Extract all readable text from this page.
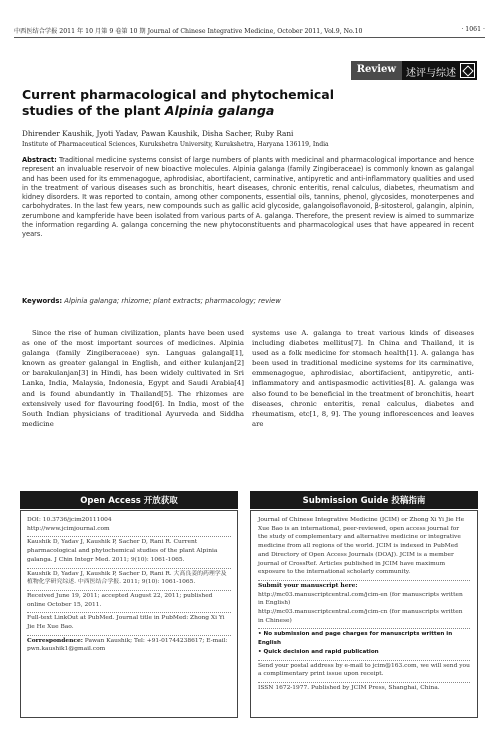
中西医结合学报 2011 年 10 月第 9 卷第 10 期 Journal of Chinese Integrative Medicine, October 2011, Vol.9, No.10	· 1061 ·
Review	述评与综述
Current pharmacological and phytochemical
studies of the plant Alpinia galanga
Dhirender Kaushik, Jyoti Yadav, Pawan Kaushik, Disha Sacher, Ruby Rani
Institute of Pharmaceutical Sciences, Kurukshetra University, Kurukshetra, Haryana 136119, India
Abstract: Traditional medicine systems consist of large numbers of plants with medicinal and pharmacological importance and hence represent an invaluable reservoir of new bioactive molecules. Alpinia galanga (family Zingiberaceae) is commonly known as galangal and has been used for its emmenagogue, aphrodisiac, abortifacient, carminative, antipyretic and anti-inflammatory qualities and used in the treatment of various diseases such as bronchitis, heart diseases, chronic enteritis, renal calculus, diabetes, rheumatism and kidney disorders. It was reported to contain, among other components, essential oils, tannins, phenol, glycosides, monoterpenes and carbohydrates. In the last few years, new compounds such as gallic acid glycoside, galangoisoflavonoid, β-sitosterol, galangin, alpinin, zerumbone and kampferide have been isolated from various parts of A. galanga. Therefore, the present review is aimed to summarize the information regarding A. galanga concerning the new phytoconstituents and pharmacological uses that have appeared in recent years.
Keywords: Alpinia galanga; rhizome; plant extracts; pharmacology; review

Since the rise of human civilization, plants have been used as one of the most important sources of medicines. Alpinia galanga (family Zingiberaceae) syn. Languas galangal[1], known as greater galangal in English, and either kulanjan[2] or barakulanjan[3] in Hindi, has been widely cultivated in Sri Lanka, India, Malaysia, Indonesia, Egypt and Saudi Arabia[4] and is found abundantly in Thailand[5]. The rhizomes are extensively used for flavouring food[6]. In India, most of the South Indian physicians of traditional Ayurveda and Siddha medicine

systems use A. galanga to treat various kinds of diseases including diabetes mellitus[7]. In China and Thailand, it is used as a folk medicine for stomach health[1]. A. galanga has been used in traditional medicine systems for its carminative, emmenagogue, aphrodisiac, abortifacient, antipyretic, anti-inflammatory and antispasmodic activities[8]. A. galanga was also found to be beneficial in the treatment of bronchitis, heart diseases, chronic enteritis, renal calculus, diabetes and rheumatism, etc[1, 8, 9]. The young inflorescences and leaves are

Open Access 开放获取
DOI: 10.3736/jcim20111004
http://www.jcimjournal.com
Kaushik D, Yadav J, Kaushik P, Sacher D, Rani R. Current pharmacological and phytochemical studies of the plant Alpinia galanga. J Chin Integr Med. 2011; 9(10): 1061-1065.
Kaushik D, Yadav J, Kaushik P, Sacher D, Rani R. 大高良姜的药理学及植物化学研究综述. 中西医结合学报. 2011; 9(10): 1061-1065.
Received June 19, 2011; accepted August 22, 2011; published online October 15, 2011.
Full-text LinkOut at PubMed. Journal title in PubMed: Zhong Xi Yi Jie He Xue Bao.
Correspondence: Pawan Kaushik; Tel: +91-01744238617; E-mail: pwn.kaushik1@gmail.com
Submission Guide 投稿指南
Journal of Chinese Integrative Medicine (JCIM) or Zhong Xi Yi Jie He Xue Bao is an international, peer-reviewed, open access journal for the study of complementary and alternative medicine or integrative medicine from all regions of the world. JCIM is indexed in PubMed and Directory of Open Access Journals (DOAJ). JCIM is a member journal of CrossRef. Articles published in JCIM have maximum exposure to the international scholarly community.
Submit your manuscript here:
http://mc03.manuscriptcentral.com/jcim-en (for manuscripts written in English)
http://mc03.manuscriptcentral.com/jcim-cn (for manuscripts written in Chinese)
• No submission and page charges for manuscripts written in English
• Quick decision and rapid publication
Send your postal address by e-mail to jcim@163.com, we will send you a complimentary print issue upon receipt.
ISSN 1672-1977. Published by JCIM Press, Shanghai, China.
